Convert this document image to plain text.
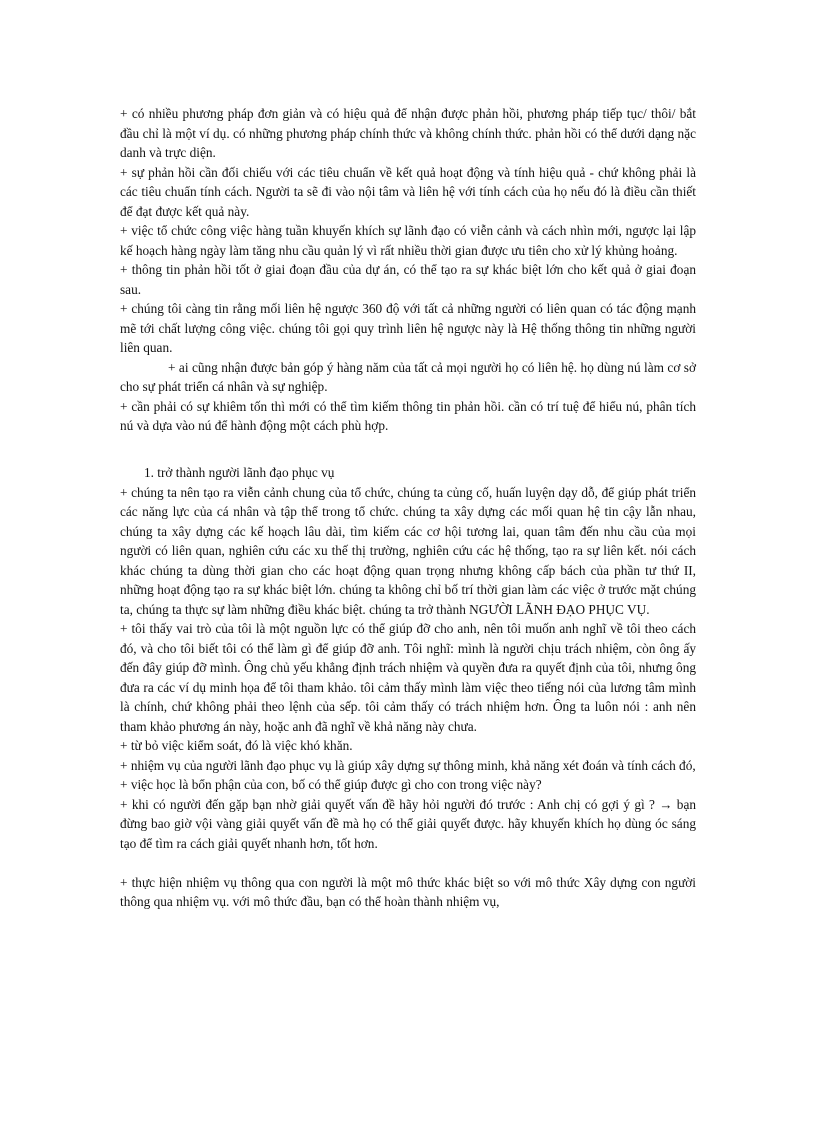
+ có nhiều phương pháp đơn giản và có hiệu quả để nhận được phản hồi, phương pháp tiếp tục/ thôi/ bắt đầu chỉ là một ví dụ. có những phương pháp chính thức và không chính thức. phản hồi có thể dưới dạng nặc danh và trực diện.

+ sự phản hồi cần đối chiếu với các tiêu chuẩn về kết quả hoạt động và tính hiệu quả - chứ không phải là các tiêu chuẩn tính cách. Người ta sẽ đi vào nội tâm và liên hệ với tính cách của họ nếu đó là điều cần thiết để đạt được kết quả này.

+ việc tổ chức công việc hàng tuần khuyến khích sự lãnh đạo có viễn cảnh và cách nhìn mới, ngược lại lập kế hoạch hàng ngày làm tăng nhu cầu quản lý vì rất nhiều thời gian được ưu tiên cho xử lý khủng hoảng.

+ thông tin phản hồi tốt ở giai đoạn đầu của dự án, có thể tạo ra sự khác biệt lớn cho kết quả ở giai đoạn sau.

+ chúng tôi càng tin rằng mối liên hệ ngược 360 độ với tất cả những người có liên quan có tác động mạnh mẽ tới chất lượng công việc. chúng tôi gọi quy trình liên hệ ngược này là Hệ thống thông tin những người liên quan.

+ ai cũng nhận được bản góp ý hàng năm của tất cả mọi người họ có liên hệ. họ dùng nú làm cơ sở cho sự phát triển cá nhân và sự nghiệp.

+ cần phải có sự khiêm tốn thì mới có thể tìm kiếm thông tin phản hồi. cần có trí tuệ để hiểu nú, phân tích nú và dựa vào nú để hành động một cách phù hợp.

1. trở thành người lãnh đạo phục vụ

+ chúng ta nên tạo ra viễn cảnh chung của tổ chức, chúng ta củng cố, huấn luyện dạy dỗ, để giúp phát triển các năng lực của cá nhân và tập thể trong tổ chức. chúng ta xây dựng các mối quan hệ tin cậy lẫn nhau, chúng ta xây dựng các kế hoạch lâu dài, tìm kiếm các cơ hội tương lai, quan tâm đến nhu cầu của mọi người có liên quan, nghiên cứu các xu thế thị trường, nghiên cứu các hệ thống, tạo ra sự liên kết. nói cách khác chúng ta dùng thời gian cho các hoạt động quan trọng nhưng không cấp bách của phần tư thứ II, những hoạt động tạo ra sự khác biệt lớn. chúng ta không chỉ bố trí thời gian làm các việc ở trước mặt chúng ta, chúng ta thực sự làm những điều khác biệt. chúng ta trở thành NGƯỜI LÃNH ĐẠO PHỤC VỤ.

+ tôi thấy vai trò của tôi là một nguồn lực có thể giúp đỡ cho anh, nên tôi muốn anh nghĩ về tôi theo cách đó, và cho tôi biết tôi có thể làm gì để giúp đỡ anh. Tôi nghĩ: mình là người chịu trách nhiệm, còn ông ấy đến đây giúp đỡ mình. Ông chủ yếu khẳng định trách nhiệm và quyền đưa ra quyết định của tôi, nhưng ông đưa ra các ví dụ minh họa để tôi tham khảo. tôi cảm thấy mình làm việc theo tiếng nói của lương tâm mình là chính, chứ không phải theo lệnh của sếp. tôi cảm thấy có trách nhiệm hơn. Ông ta luôn nói : anh nên tham khảo phương án này, hoặc anh đã nghĩ về khả năng này chưa.

+ từ bỏ việc kiểm soát, đó là việc khó khăn.

+ nhiệm vụ của người lãnh đạo phục vụ là giúp xây dựng sự thông minh, khả năng xét đoán và tính cách đó,

+ việc học là bổn phận của con, bố có thể giúp được gì cho con trong việc này?

+ khi có người đến gặp bạn nhờ giải quyết vấn đề hãy hỏi người đó trước : Anh chị có gợi ý gì ? → bạn đừng bao giờ vội vàng giải quyết vấn đề mà họ có thể giải quyết được. hãy khuyến khích họ dùng óc sáng tạo để tìm ra cách giải quyết nhanh hơn, tốt hơn.

+ thực hiện nhiệm vụ thông qua con người là một mô thức khác biệt so với mô thức Xây dựng con người thông qua nhiệm vụ. với mô thức đầu, bạn có thể hoàn thành nhiệm vụ,
